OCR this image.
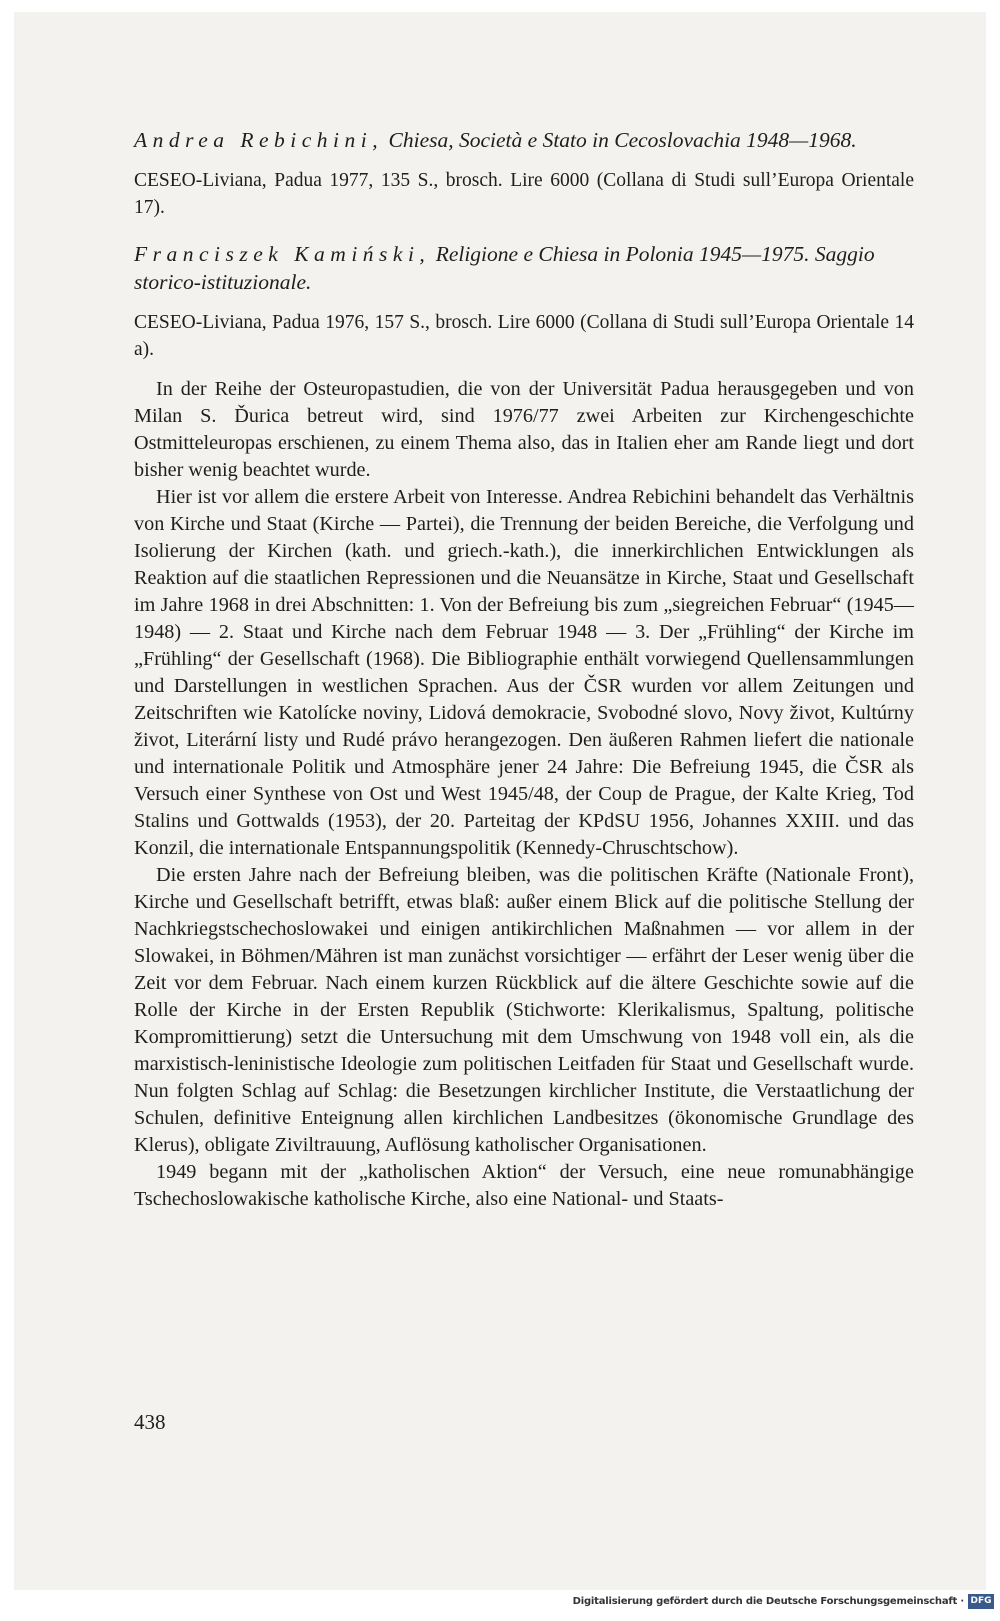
Andrea Rebichini, Chiesa, Società e Stato in Cecoslovachia 1948—1968.
CESEO-Liviana, Padua 1977, 135 S., brosch. Lire 6000 (Collana di Studi sull’Europa Orientale 17).
Franciszek Kamiński, Religione e Chiesa in Polonia 1945—1975. Saggio storico-istituzionale.
CESEO-Liviana, Padua 1976, 157 S., brosch. Lire 6000 (Collana di Studi sull’Europa Orientale 14 a).

In der Reihe der Osteuropastudien, die von der Universität Padua herausgegeben und von Milan S. Ďurica betreut wird, sind 1976/77 zwei Arbeiten zur Kirchengeschichte Ostmitteleuropas erschienen, zu einem Thema also, das in Italien eher am Rande liegt und dort bisher wenig beachtet wurde.

Hier ist vor allem die erstere Arbeit von Interesse. Andrea Rebichini behandelt das Verhältnis von Kirche und Staat (Kirche — Partei), die Trennung der beiden Bereiche, die Verfolgung und Isolierung der Kirchen (kath. und griech.-kath.), die innerkirchlichen Entwicklungen als Reaktion auf die staatlichen Repressionen und die Neuansätze in Kirche, Staat und Gesellschaft im Jahre 1968 in drei Abschnitten: 1. Von der Befreiung bis zum „siegreichen Februar“ (1945—1948) — 2. Staat und Kirche nach dem Februar 1948 — 3. Der „Frühling“ der Kirche im „Frühling“ der Gesellschaft (1968). Die Bibliographie enthält vorwiegend Quellensammlungen und Darstellungen in westlichen Sprachen. Aus der ČSR wurden vor allem Zeitungen und Zeitschriften wie Katolícke noviny, Lidová demokracie, Svobodné slovo, Novy život, Kultúrny život, Literární listy und Rudé právo herangezogen. Den äußeren Rahmen liefert die nationale und internationale Politik und Atmosphäre jener 24 Jahre: Die Befreiung 1945, die ČSR als Versuch einer Synthese von Ost und West 1945/48, der Coup de Prague, der Kalte Krieg, Tod Stalins und Gottwalds (1953), der 20. Parteitag der KPdSU 1956, Johannes XXIII. und das Konzil, die internationale Entspannungspolitik (Kennedy-Chruschtschow).

Die ersten Jahre nach der Befreiung bleiben, was die politischen Kräfte (Nationale Front), Kirche und Gesellschaft betrifft, etwas blaß: außer einem Blick auf die politische Stellung der Nachkriegstschechoslowakei und einigen antikirchlichen Maßnahmen — vor allem in der Slowakei, in Böhmen/Mähren ist man zunächst vorsichtiger — erfährt der Leser wenig über die Zeit vor dem Februar. Nach einem kurzen Rückblick auf die ältere Geschichte sowie auf die Rolle der Kirche in der Ersten Republik (Stichworte: Klerikalismus, Spaltung, politische Kompromittierung) setzt die Untersuchung mit dem Umschwung von 1948 voll ein, als die marxistisch-leninistische Ideologie zum politischen Leitfaden für Staat und Gesellschaft wurde. Nun folgten Schlag auf Schlag: die Besetzungen kirchlicher Institute, die Verstaatlichung der Schulen, definitive Enteignung allen kirchlichen Landbesitzes (ökonomische Grundlage des Klerus), obligate Ziviltrauung, Auflösung katholischer Organisationen.

1949 begann mit der „katholischen Aktion“ der Versuch, eine neue romunabhängige Tschechoslowakische katholische Kirche, also eine National- und Staats-

438
Digitalisierung gefördert durch die Deutsche Forschungsgemeinschaft · DFG
